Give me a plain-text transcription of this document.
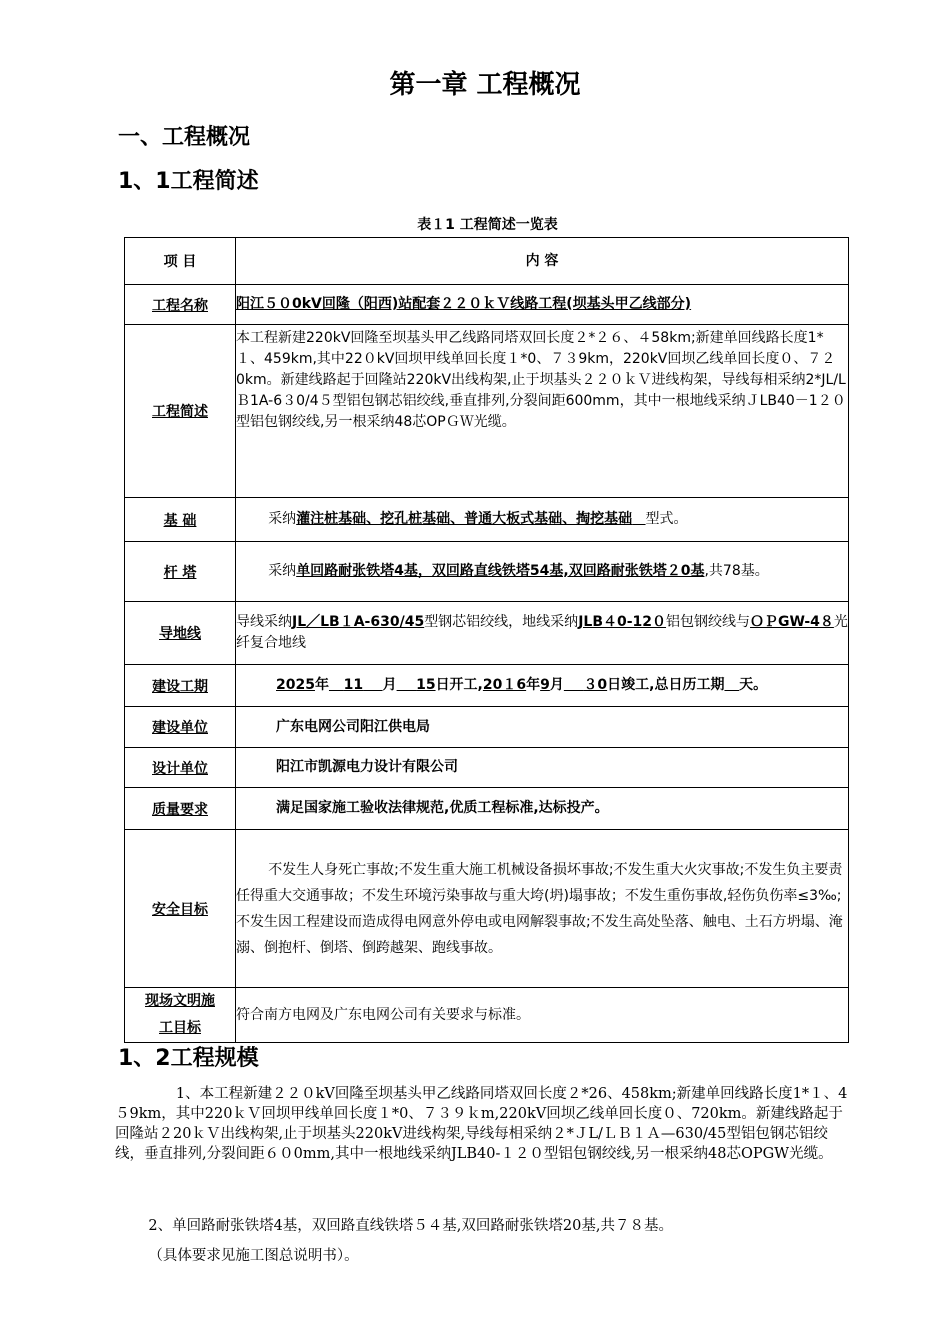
第一章 工程概况
一、工程概况
1、1工程简述
表１1 工程简述一览表
项 目	内 容
工程名称	阳江５０0kV回隆（阳西)站配套２２０ｋＶ线路工程(坝基头甲乙线部分)
工程简述	本工程新建220kV回隆至坝基头甲乙线路同塔双回长度２*２６、４58km;新建单回线路长度1*１、459km,其中22０kV回坝甲线单回长度１*0、７３9km，220kV回坝乙线单回长度０、７２0km。新建线路起于回隆站220kV出线构架,止于坝基头２２０ｋＶ进线构架，导线每相采纳2*JL/LＢ1A-6３0/4５型铝包钢芯铝绞线,垂直排列,分裂间距600mm，其中一根地线采纳ＪLB40－1２０型铝包钢绞线,另一根采纳48芯OPＧＷ光缆。
基 础	采纳灌注桩基础、挖孔桩基础、普通大板式基础、掏挖基础 型式。
杆 塔	采纳单回路耐张铁塔4基，双回路直线铁塔54基,双回路耐张铁塔２0基,共78基。
导地线	导线采纳JL／LB１A-630/45型钢芯铝绞线，地线采纳JLB４0-12０铝包钢绞线与ＯＰGW-4８光纤复合地线
建设工期	2025年 11 月 15日开工,20１6年9月 ３0日竣工,总日历工期 天。
建设单位	广东电网公司阳江供电局
设计单位	阳江市凯源电力设计有限公司
质量要求	满足国家施工验收法律规范,优质工程标准,达标投产。
安全目标	不发生人身死亡事故;不发生重大施工机械设备损坏事故;不发生重大火灾事故;不发生负主要责任得重大交通事故；不发生环境污染事故与重大垮(坍)塌事故；不发生重伤事故,轻伤负伤率≤3‰;不发生因工程建设而造成得电网意外停电或电网解裂事故;不发生高处坠落、触电、土石方坍塌、淹溺、倒抱杆、倒塔、倒跨越架、跑线事故。
现场文明施
工目标	符合南方电网及广东电网公司有关要求与标准。
1、2工程规模
1、本工程新建２２０kV回隆至坝基头甲乙线路同塔双回长度２*26、458km;新建单回线路长度1*１、4５9km，其中220ｋＶ回坝甲线单回长度１*0、７３９ｋm,220kV回坝乙线单回长度０、720km。新建线路起于回隆站２20ｋＶ出线构架,止于坝基头220kV进线构架,导线每相采纳２*ＪL/ＬＢ１Ａ—630/45型铝包钢芯铝绞线，垂直排列,分裂间距６０0mm,其中一根地线采纳JLB40-１２０型铝包钢绞线,另一根采纳48芯OPGW光缆。
2、单回路耐张铁塔4基，双回路直线铁塔５４基,双回路耐张铁塔20基,共７８基。
（具体要求见施工图总说明书）。
